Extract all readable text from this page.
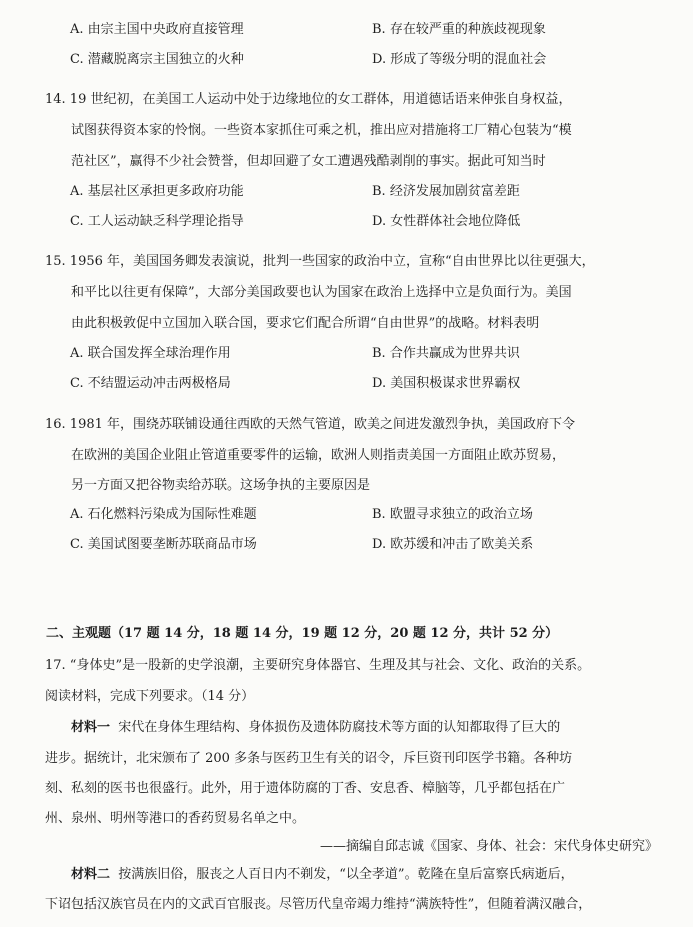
A. 由宗主国中央政府直接管理	B. 存在较严重的种族歧视现象
C. 潜藏脱离宗主国独立的火种	D. 形成了等级分明的混血社会
14. 19 世纪初，在美国工人运动中处于边缘地位的女工群体，用道德话语来伸张自身权益，
试图获得资本家的怜悯。一些资本家抓住可乘之机，推出应对措施将工厂精心包装为“模
范社区”，赢得不少社会赞誉，但却回避了女工遭遇残酷剥削的事实。据此可知当时
A. 基层社区承担更多政府功能	B. 经济发展加剧贫富差距
C. 工人运动缺乏科学理论指导	D. 女性群体社会地位降低
15. 1956 年，美国国务卿发表演说，批判一些国家的政治中立，宣称“自由世界比以往更强大，
和平比以往更有保障”，大部分美国政要也认为国家在政治上选择中立是负面行为。美国
由此积极敦促中立国加入联合国，要求它们配合所谓“自由世界”的战略。材料表明
A. 联合国发挥全球治理作用	B. 合作共赢成为世界共识
C. 不结盟运动冲击两极格局	D. 美国积极谋求世界霸权
16. 1981 年，围绕苏联铺设通往西欧的天然气管道，欧美之间进发激烈争执，美国政府下令
在欧洲的美国企业阻止管道重要零件的运输，欧洲人则指责美国一方面阻止欧苏贸易，
另一方面又把谷物卖给苏联。这场争执的主要原因是
A. 石化燃料污染成为国际性难题	B. 欧盟寻求独立的政治立场
C. 美国试图要垄断苏联商品市场	D. 欧苏缓和冲击了欧美关系
二、主观题（17 题 14 分，18 题 14 分，19 题 12 分，20 题 12 分，共计 52 分）
17. “身体史”是一股新的史学浪潮，主要研究身体器官、生理及其与社会、文化、政治的关系。
阅读材料，完成下列要求。（14 分）
材料一 宋代在身体生理结构、身体损伤及遗体防腐技术等方面的认知都取得了巨大的
进步。据统计，北宋颁布了 200 多条与医药卫生有关的诏令，斥巨资刊印医学书籍。各种坊
刻、私刻的医书也很盛行。此外，用于遗体防腐的丁香、安息香、樟脑等，几乎都包括在广
州、泉州、明州等港口的香药贸易名单之中。
——摘编自邱志诚《国家、身体、社会：宋代身体史研究》
材料二 按满族旧俗，服丧之人百日内不剃发，“以全孝道”。乾隆在皇后富察氏病逝后，
下诏包括汉族官员在内的文武百官服丧。尽管历代皇帝竭力维持“满族特性”，但随着满汉融合，
